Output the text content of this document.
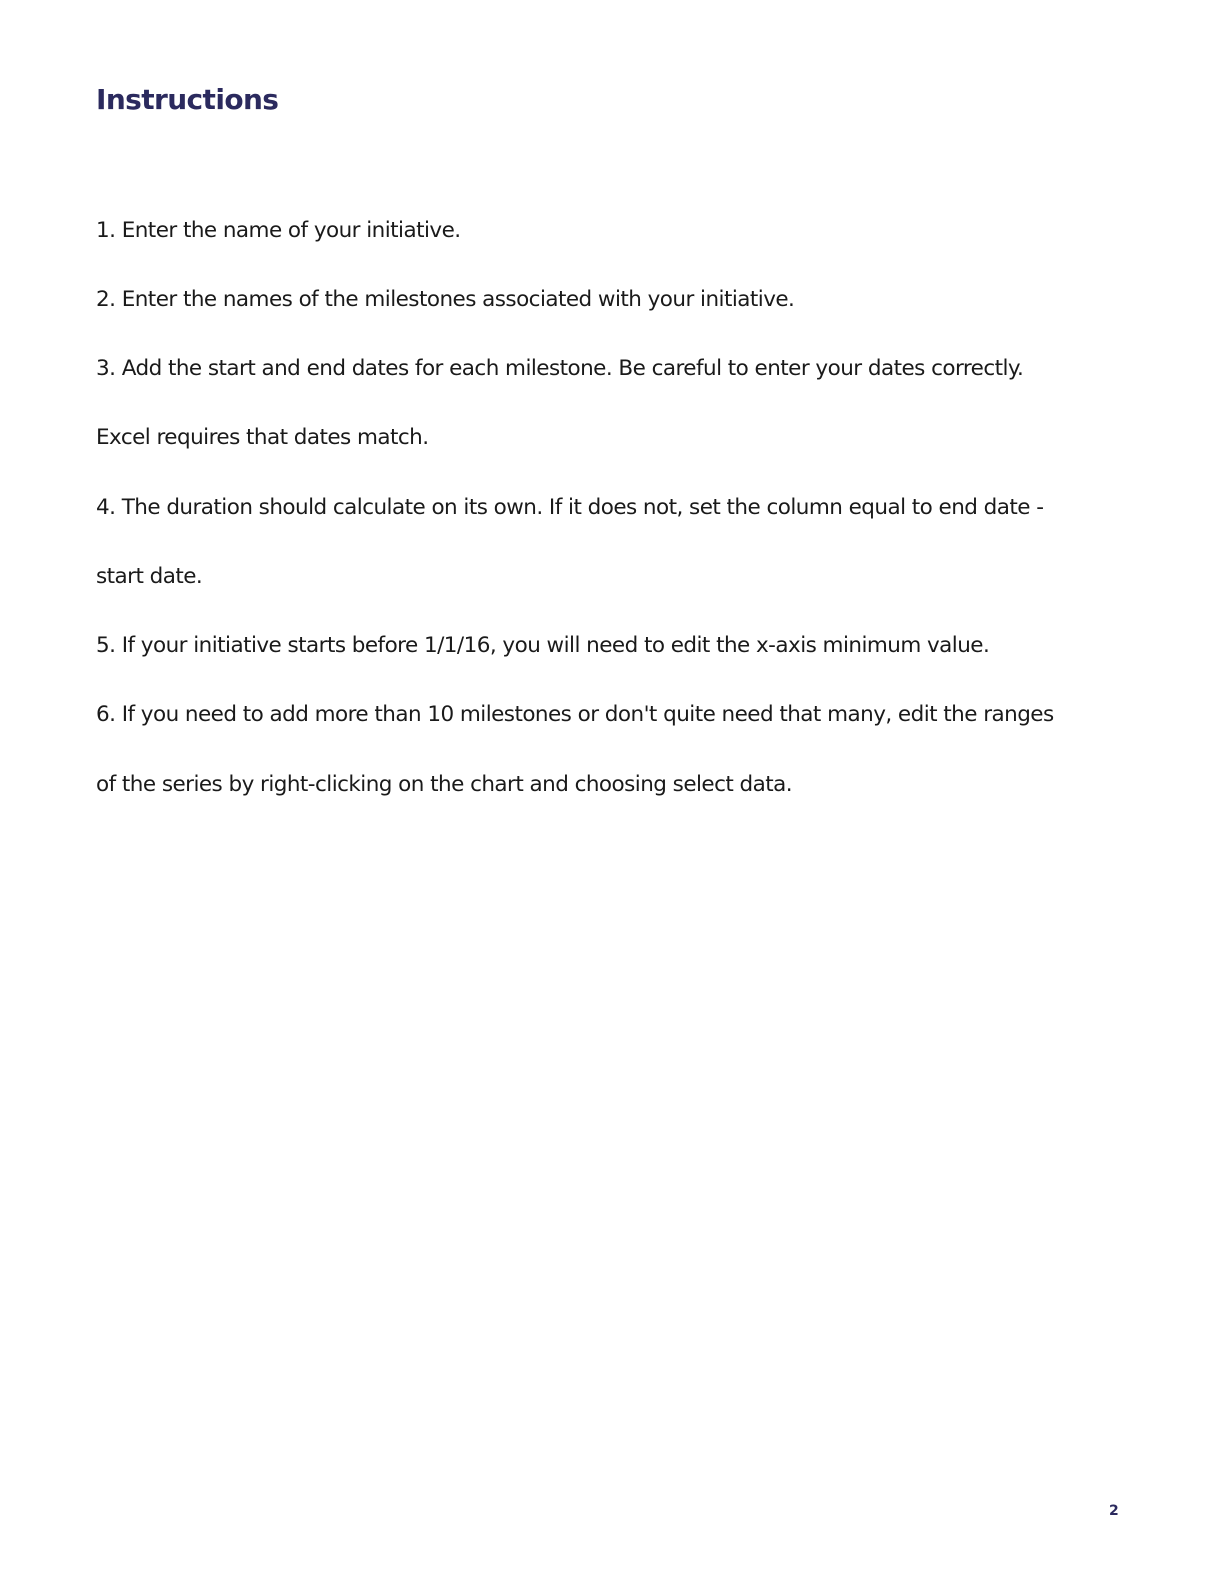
Instructions

1. Enter the name of your initiative.

2. Enter the names of the milestones associated with your initiative.

3. Add the start and end dates for each milestone. Be careful to enter your dates correctly.

Excel requires that dates match.

4. The duration should calculate on its own. If it does not, set the column equal to end date -

start date.

5. If your initiative starts before 1/1/16, you will need to edit the x-axis minimum value.

6. If you need to add more than 10 milestones or don't quite need that many, edit the ranges

of the series by right-clicking on the chart and choosing select data.

2
